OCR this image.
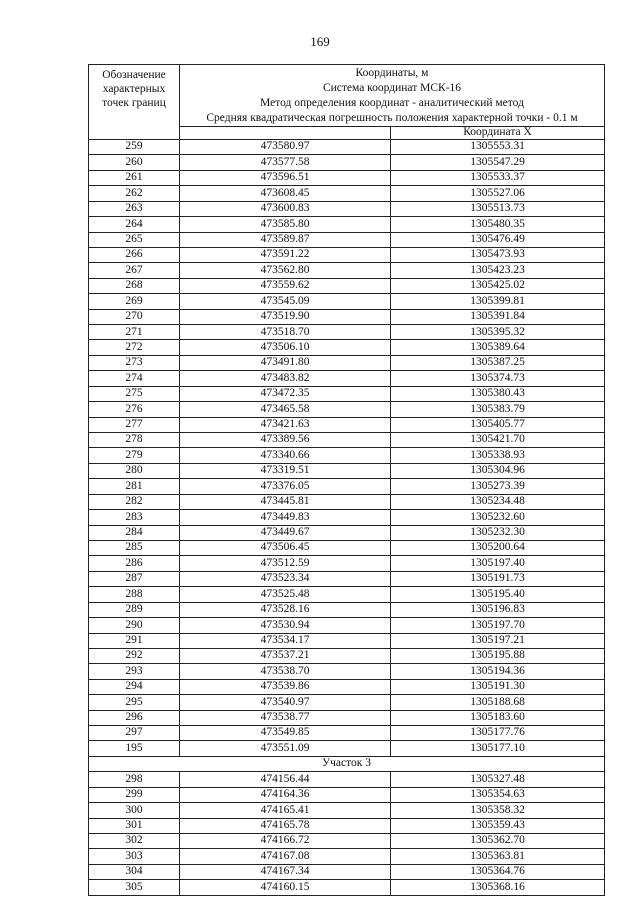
169
Обозначение характерных точек границ	Координаты, м
Система координат МСК-16
Метод определения координат - аналитический метод
Средняя квадратическая погрешность положения характерной точки - 0.1 м		

		Координата X	
259	473580.97	1305553.31	
260	473577.58	1305547.29	
261	473596.51	1305533.37	
262	473608.45	1305527.06	
263	473600.83	1305513.73	
264	473585.80	1305480.35	
265	473589.87	1305476.49	
266	473591.22	1305473.93	
267	473562.80	1305423.23	
268	473559.62	1305425.02	
269	473545.09	1305399.81	
270	473519.90	1305391.84	
271	473518.70	1305395.32	
272	473506.10	1305389.64	
273	473491.80	1305387.25	
274	473483.82	1305374.73	
275	473472.35	1305380.43	
276	473465.58	1305383.79	
277	473421.63	1305405.77	
278	473389.56	1305421.70	
279	473340.66	1305338.93	
280	473319.51	1305304.96	
281	473376.05	1305273.39	
282	473445.81	1305234.48	
283	473449.83	1305232.60	
284	473449.67	1305232.30	
285	473506.45	1305200.64	
286	473512.59	1305197.40	
287	473523.34	1305191.73	
288	473525.48	1305195.40	
289	473528.16	1305196.83	
290	473530.94	1305197.70	
291	473534.17	1305197.21	
292	473537.21	1305195.88	
293	473538.70	1305194.36	
294	473539.86	1305191.30	
295	473540.97	1305188.68	
296	473538.77	1305183.60	
297	473549.85	1305177.76	
195	473551.09	1305177.10	
Участок 3			
298	474156.44	1305327.48	
299	474164.36	1305354.63	
300	474165.41	1305358.32	
301	474165.78	1305359.43	
302	474166.72	1305362.70	
303	474167.08	1305363.81	
304	474167.34	1305364.76	
305	474160.15	1305368.16	
